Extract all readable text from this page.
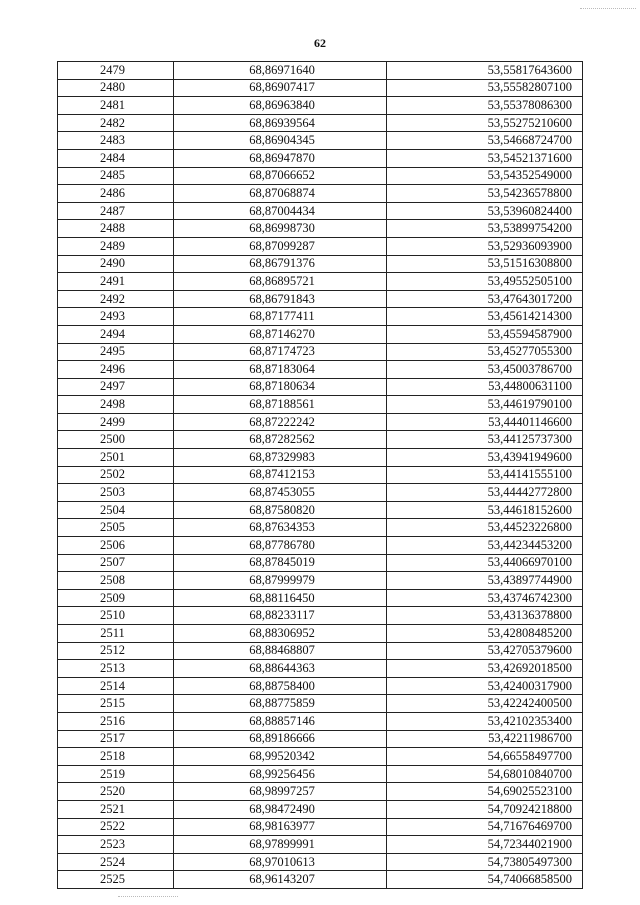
62
2479	68,86971640	53,55817643600
2480	68,86907417	53,55582807100
2481	68,86963840	53,55378086300
2482	68,86939564	53,55275210600
2483	68,86904345	53,54668724700
2484	68,86947870	53,54521371600
2485	68,87066652	53,54352549000
2486	68,87068874	53,54236578800
2487	68,87004434	53,53960824400
2488	68,86998730	53,53899754200
2489	68,87099287	53,52936093900
2490	68,86791376	53,51516308800
2491	68,86895721	53,49552505100
2492	68,86791843	53,47643017200
2493	68,87177411	53,45614214300
2494	68,87146270	53,45594587900
2495	68,87174723	53,45277055300
2496	68,87183064	53,45003786700
2497	68,87180634	53,44800631100
2498	68,87188561	53,44619790100
2499	68,87222242	53,44401146600
2500	68,87282562	53,44125737300
2501	68,87329983	53,43941949600
2502	68,87412153	53,44141555100
2503	68,87453055	53,44442772800
2504	68,87580820	53,44618152600
2505	68,87634353	53,44523226800
2506	68,87786780	53,44234453200
2507	68,87845019	53,44066970100
2508	68,87999979	53,43897744900
2509	68,88116450	53,43746742300
2510	68,88233117	53,43136378800
2511	68,88306952	53,42808485200
2512	68,88468807	53,42705379600
2513	68,88644363	53,42692018500
2514	68,88758400	53,42400317900
2515	68,88775859	53,42242400500
2516	68,88857146	53,42102353400
2517	68,89186666	53,42211986700
2518	68,99520342	54,66558497700
2519	68,99256456	54,68010840700
2520	68,98997257	54,69025523100
2521	68,98472490	54,70924218800
2522	68,98163977	54,71676469700
2523	68,97899991	54,72344021900
2524	68,97010613	54,73805497300
2525	68,96143207	54,74066858500
